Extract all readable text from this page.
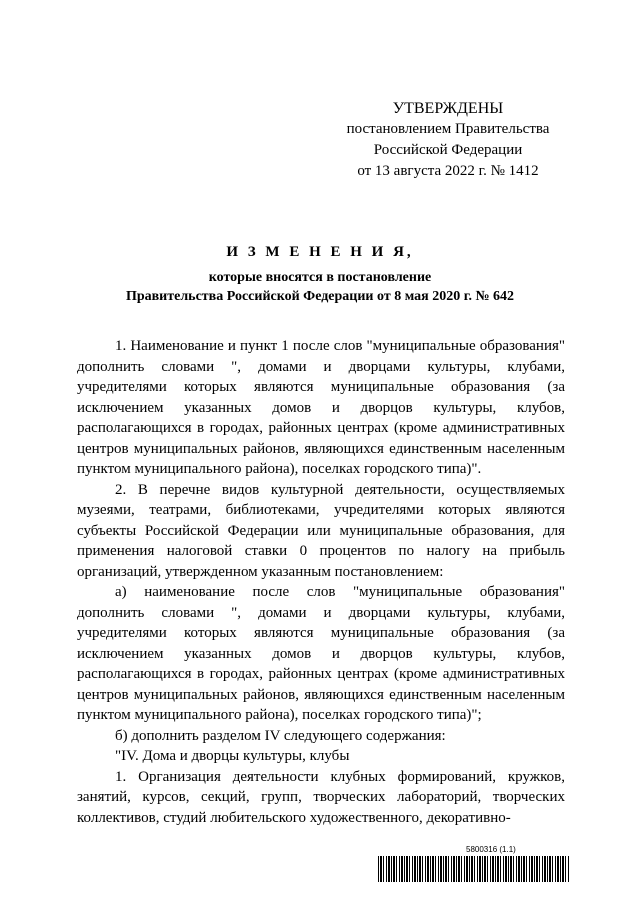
УТВЕРЖДЕНЫ
постановлением Правительства
Российской Федерации
от 13 августа 2022 г. № 1412
И З М Е Н Е Н И Я,
которые вносятся в постановление
Правительства Российской Федерации от 8 мая 2020 г. № 642

1. Наименование и пункт 1 после слов "муниципальные образования" дополнить словами ", домами и дворцами культуры, клубами, учредителями которых являются муниципальные образования (за исключением указанных домов и дворцов культуры, клубов, располагающихся в городах, районных центрах (кроме административных центров муниципальных районов, являющихся единственным населенным пунктом муниципального района), поселках городского типа)".

2. В перечне видов культурной деятельности, осуществляемых музеями, театрами, библиотеками, учредителями которых являются субъекты Российской Федерации или муниципальные образования, для применения налоговой ставки 0 процентов по налогу на прибыль организаций, утвержденном указанным постановлением:

а) наименование после слов "муниципальные образования" дополнить словами ", домами и дворцами культуры, клубами, учредителями которых являются муниципальные образования (за исключением указанных домов и дворцов культуры, клубов, располагающихся в городах, районных центрах (кроме административных центров муниципальных районов, являющихся единственным населенным пунктом муниципального района), поселках городского типа)";

б) дополнить разделом IV следующего содержания:

"IV. Дома и дворцы культуры, клубы

1. Организация деятельности клубных формирований, кружков, занятий, курсов, секций, групп, творческих лабораторий, творческих коллективов, студий любительского художественного, декоративно-

5800316 (1.1)
